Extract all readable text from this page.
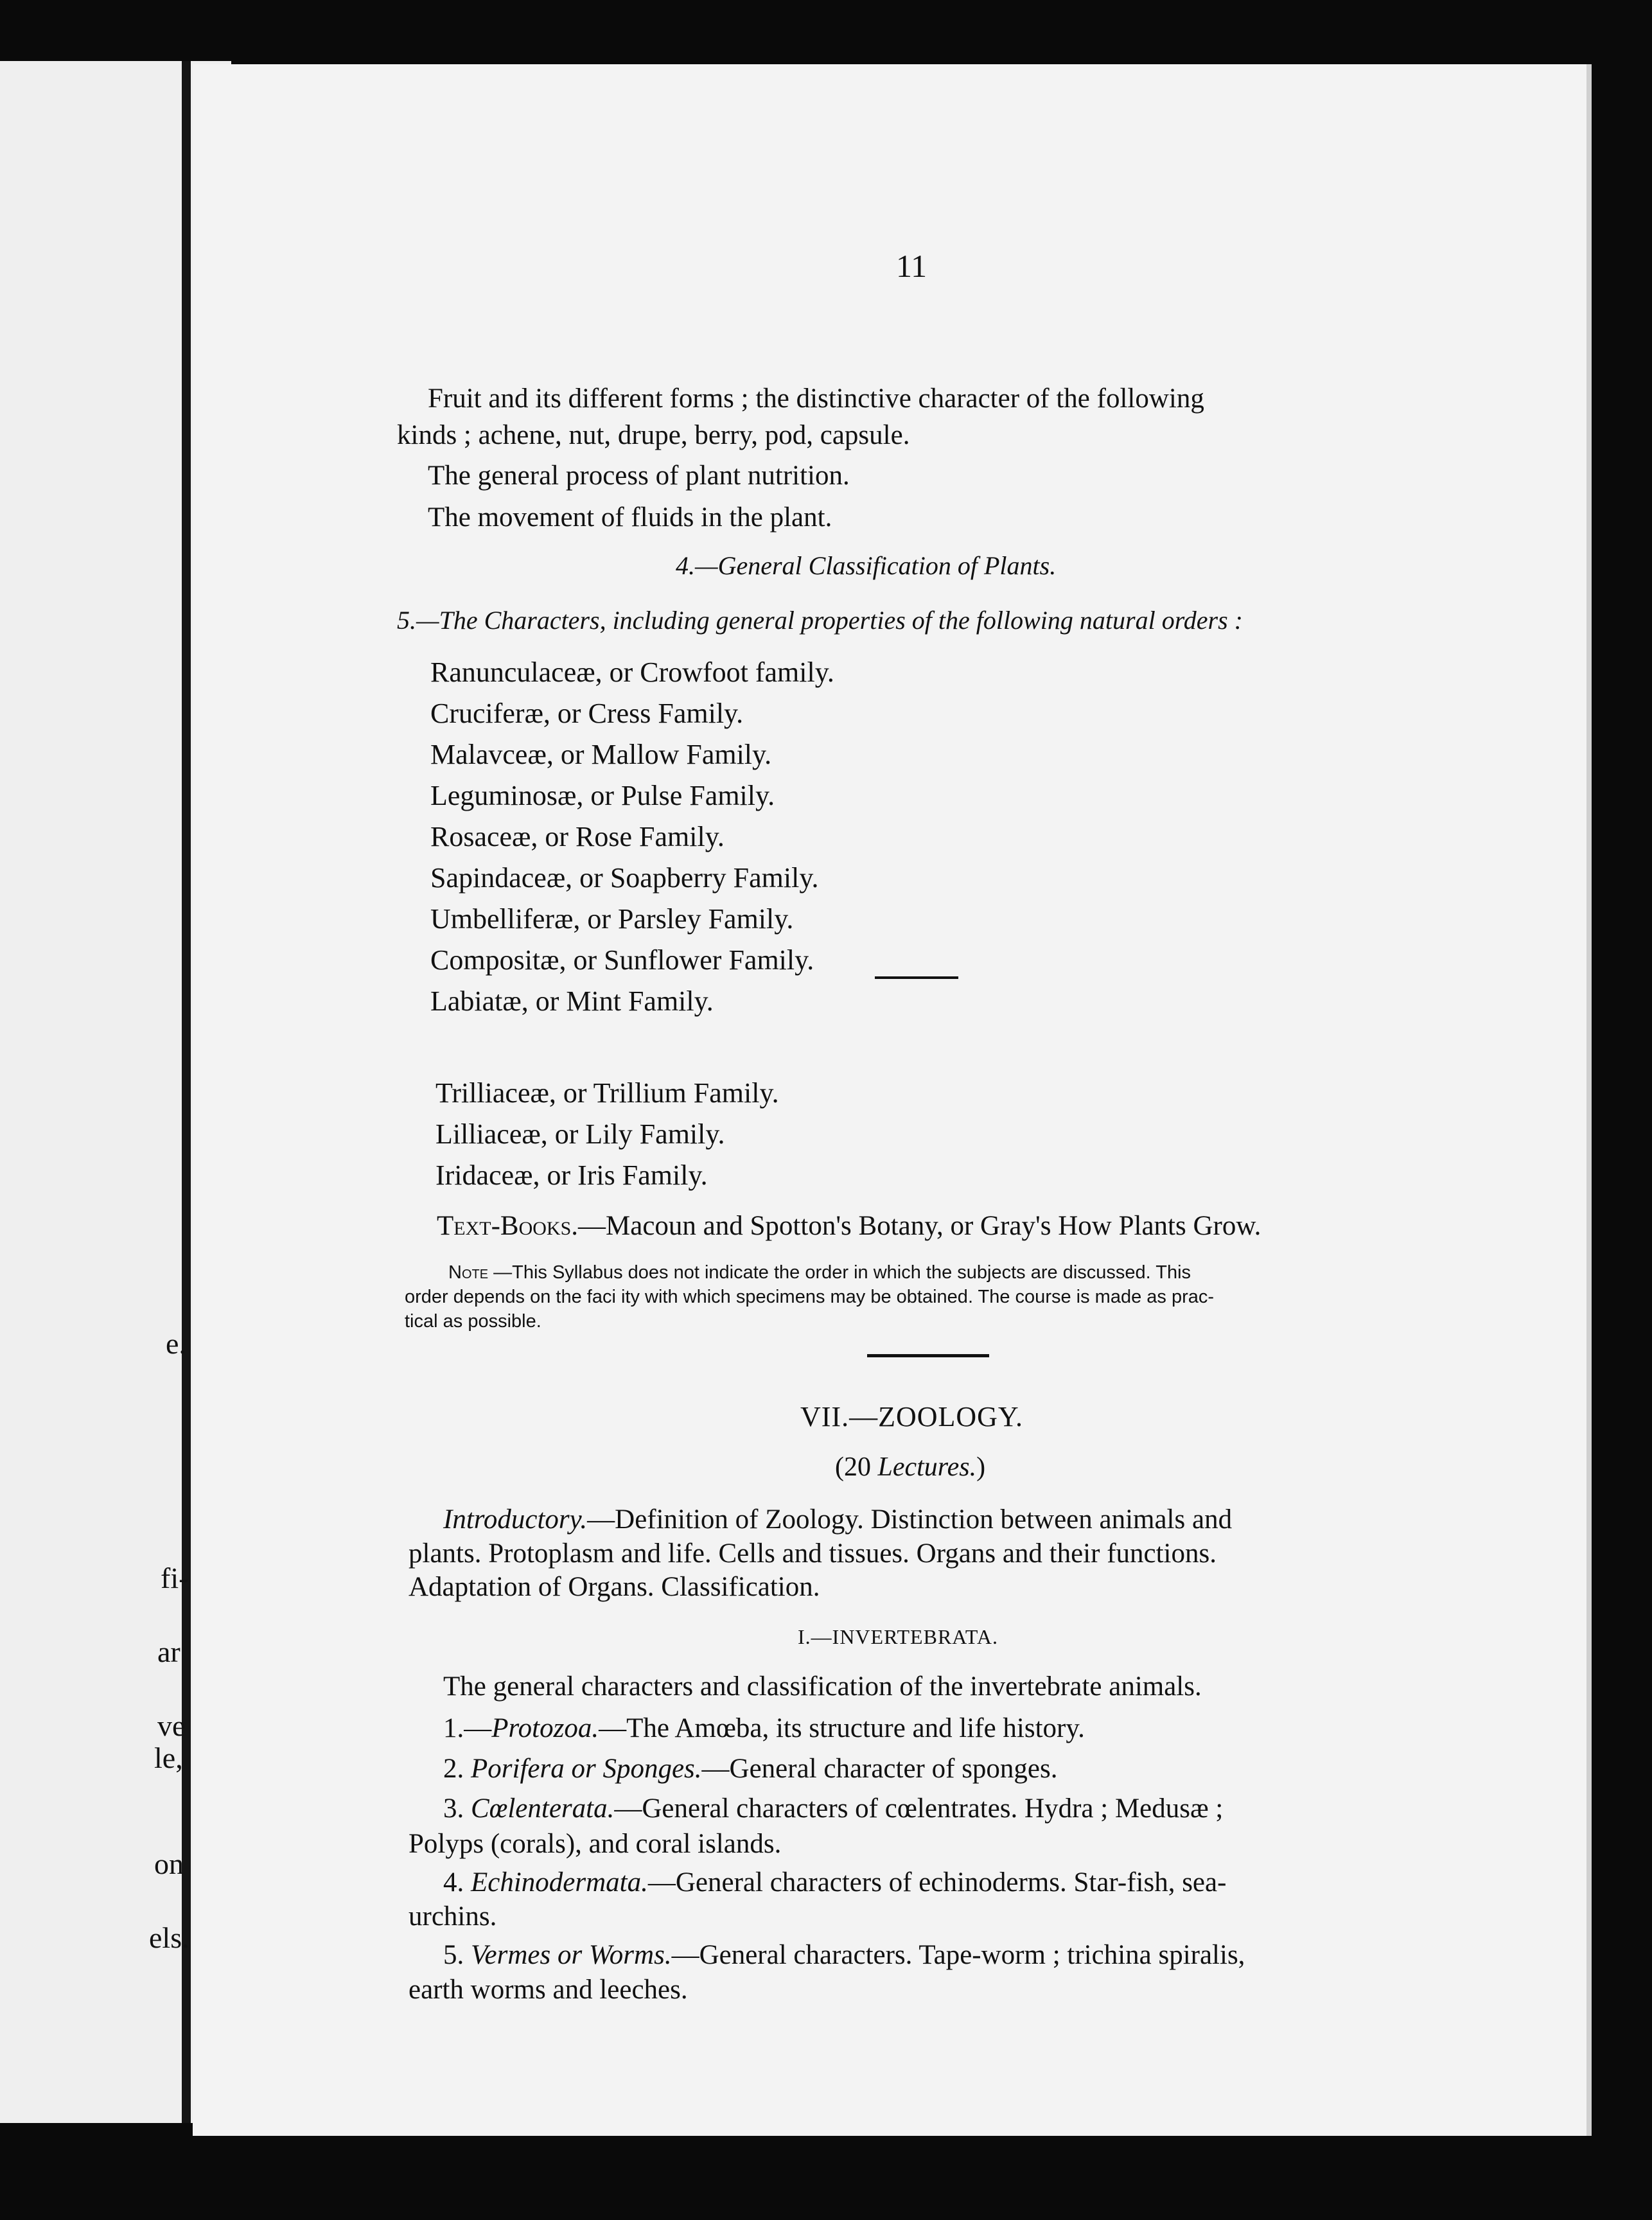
e.
fi-
ar
ve
le,
on
els.
11
Fruit and its different forms ; the distinctive character of the following
kinds ; achene, nut, drupe, berry, pod, capsule.
The general process of plant nutrition.
The movement of fluids in the plant.
4.—General Classification of Plants.
5.—The Characters, including general properties of the following natural orders :
Ranunculaceæ, or Crowfoot family.
Cruciferæ, or Cress Family.
Malavceæ, or Mallow Family.
Leguminosæ, or Pulse Family.
Rosaceæ, or Rose Family.
Sapindaceæ, or Soapberry Family.
Umbelliferæ, or Parsley Family.
Compositæ, or Sunflower Family.
Labiatæ, or Mint Family.
Trilliaceæ, or Trillium Family.
Lilliaceæ, or Lily Family.
Iridaceæ, or Iris Family.
Text-Books.—Macoun and Spotton's Botany, or Gray's How Plants Grow.
Note —This Syllabus does not indicate the order in which the subjects are discussed. This
order depends on the faci ity with which specimens may be obtained. The course is made as prac-
tical as possible.
VII.—ZOOLOGY.
(20 Lectures.)
Introductory.—Definition of Zoology. Distinction between animals and
plants. Protoplasm and life. Cells and tissues. Organs and their functions.
Adaptation of Organs. Classification.
I.—INVERTEBRATA.
The general characters and classification of the invertebrate animals.
1.—Protozoa.—The Amœba, its structure and life history.
2. Porifera or Sponges.—General character of sponges.
3. Cœlenterata.—General characters of cœlentrates. Hydra ; Medusæ ;
Polyps (corals), and coral islands.
4. Echinodermata.—General characters of echinoderms. Star-fish, sea-
urchins.
5. Vermes or Worms.—General characters. Tape-worm ; trichina spiralis,
earth worms and leeches.
